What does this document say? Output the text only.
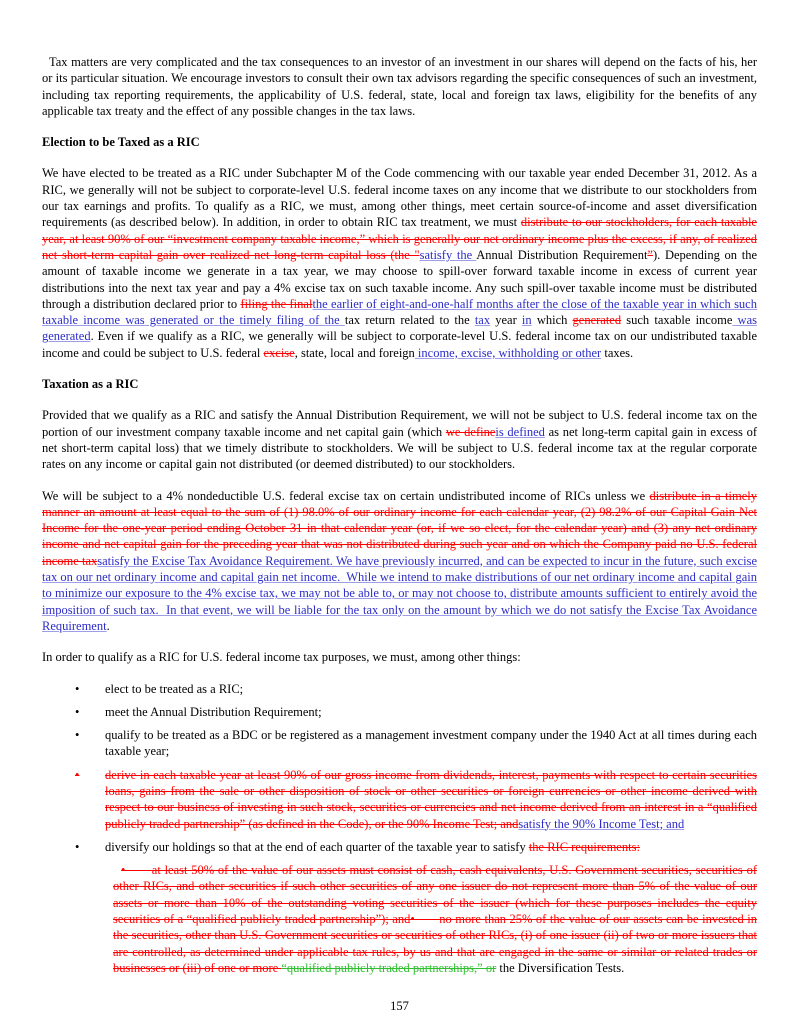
Tax matters are very complicated and the tax consequences to an investor of an investment in our shares will depend on the facts of his, her or its particular situation. We encourage investors to consult their own tax advisors regarding the specific consequences of such an investment, including tax reporting requirements, the applicability of U.S. federal, state, local and foreign tax laws, eligibility for the benefits of any applicable tax treaty and the effect of any possible changes in the tax laws.

Election to be Taxed as a RIC

We have elected to be treated as a RIC under Subchapter M of the Code commencing with our taxable year ended December 31, 2012. As a RIC, we generally will not be subject to corporate-level U.S. federal income taxes on any income that we distribute to our stockholders from our tax earnings and profits. To qualify as a RIC, we must, among other things, meet certain source-of-income and asset diversification requirements (as described below). In addition, in order to obtain RIC tax treatment, we must distribute to our stockholders, for each taxable year, at least 90% of our “investment company taxable income,” which is generally our net ordinary income plus the excess, if any, of realized net short-term capital gain over realized net long-term capital loss (the "satisfy the Annual Distribution Requirement”). Depending on the amount of taxable income we generate in a tax year, we may choose to spill-over forward taxable income in excess of current year distributions into the next tax year and pay a 4% excise tax on such taxable income. Any such spill-over taxable income must be distributed through a distribution declared prior to filing the finalthe earlier of eight-and-one-half months after the close of the taxable year in which such taxable income was generated or the timely filing of the tax return related to the tax year in which generated such taxable income was generated. Even if we qualify as a RIC, we generally will be subject to corporate-level U.S. federal income tax on our undistributed taxable income and could be subject to U.S. federal excise, state, local and foreign income, excise, withholding or other taxes.

Taxation as a RIC

Provided that we qualify as a RIC and satisfy the Annual Distribution Requirement, we will not be subject to U.S. federal income tax on the portion of our investment company taxable income and net capital gain (which we defineis defined as net long-term capital gain in excess of net short-term capital loss) that we timely distribute to stockholders. We will be subject to U.S. federal income tax at the regular corporate rates on any income or capital gain not distributed (or deemed distributed) to our stockholders.

We will be subject to a 4% nondeductible U.S. federal excise tax on certain undistributed income of RICs unless we distribute in a timely manner an amount at least equal to the sum of (1) 98.0% of our ordinary income for each calendar year, (2) 98.2% of our Capital Gain Net Income for the one-year period ending October 31 in that calendar year (or, if we so elect, for the calendar year) and (3) any net ordinary income and net capital gain for the preceding year that was not distributed during such year and on which the Company paid no U.S. federal income taxsatisfy the Excise Tax Avoidance Requirement. We have previously incurred, and can be expected to incur in the future, such excise tax on our net ordinary income and capital gain net income.  While we intend to make distributions of our net ordinary income and capital gain to minimize our exposure to the 4% excise tax, we may not be able to, or may not choose to, distribute amounts sufficient to entirely avoid the imposition of such tax.  In that event, we will be liable for the tax only on the amount by which we do not satisfy the Excise Tax Avoidance Requirement.

In order to qualify as a RIC for U.S. federal income tax purposes, we must, among other things:

• elect to be treated as a RIC;
• meet the Annual Distribution Requirement;
• qualify to be treated as a BDC or be registered as a management investment company under the 1940 Act at all times during each taxable year;
• derive in each taxable year at least 90% of our gross income from dividends, interest, payments with respect to certain securities loans, gains from the sale or other disposition of stock or other securities or foreign currencies or other income derived with respect to our business of investing in such stock, securities or currencies and net income derived from an interest in a “qualified publicly traded partnership” (as defined in the Code), or the 90% Income Test; andsatisfy the 90% Income Test; and
• diversify our holdings so that at the end of each quarter of the taxable year to satisfy the RIC requirements:
•       at least 50% of the value of our assets must consist of cash, cash equivalents, U.S. Government securities, securities of other RICs, and other securities if such other securities of any one issuer do not represent more than 5% of the value of our assets or more than 10% of the outstanding voting securities of the issuer (which for these purposes includes the equity securities of a “qualified publicly traded partnership”); and•       no more than 25% of the value of our assets can be invested in the securities, other than U.S. Government securities or securities of other RICs, (i) of one issuer (ii) of two or more issuers that are controlled, as determined under applicable tax rules, by us and that are engaged in the same or similar or related trades or businesses or (iii) of one or more “qualified publicly traded partnerships,” or the Diversification Tests.
157
